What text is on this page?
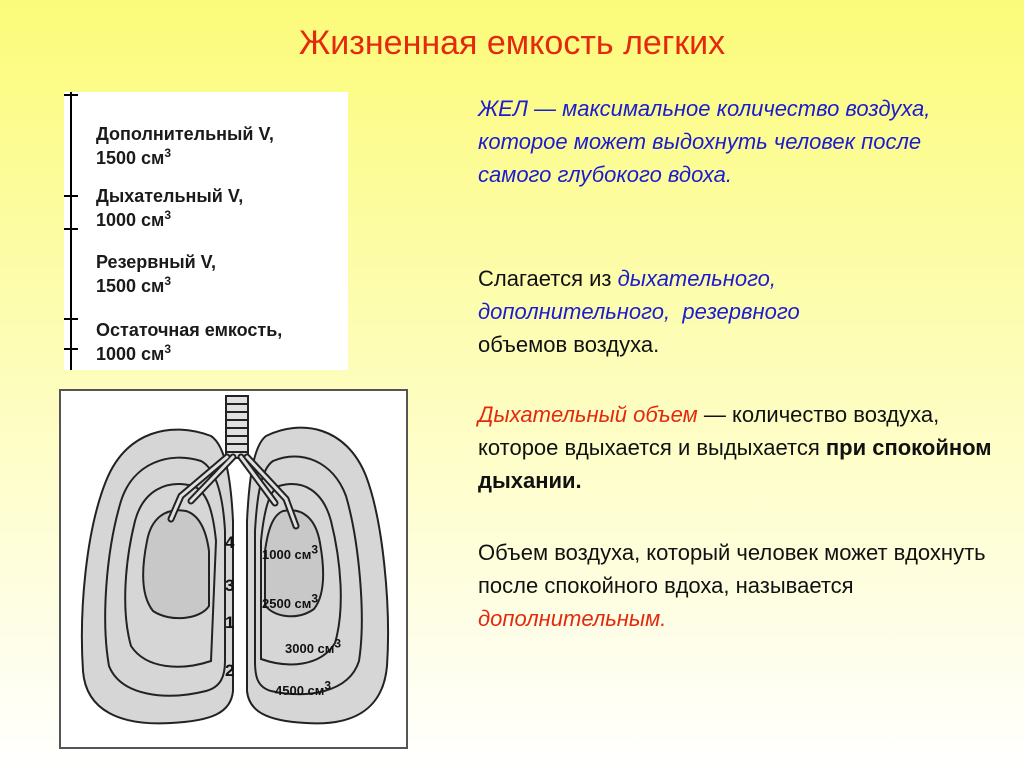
Жизненная емкость легких
Дополнительный V,
1500 $см^3$
Дыхательный V,
1000 $см^3$
Резервный V,
1500 $см^3$
Остаточная емкость,
1000 $см^3$
4
1000 $см^3$
3
2500 $см^3$
1
3000 $см^3$
2
4500 $см^3$
ЖЕЛ — максимальное количество воздуха, которое может выдохнуть человек после самого глубокого вдоха.
Слагается из дыхательного,
дополнительного, резервного
объемов воздуха.
Дыхательный объем — количество воздуха, которое вдыхается и выдыхается при спокойном дыхании.
Объем воздуха, который человек может вдохнуть после спокойного вдоха, называется дополнительным.
